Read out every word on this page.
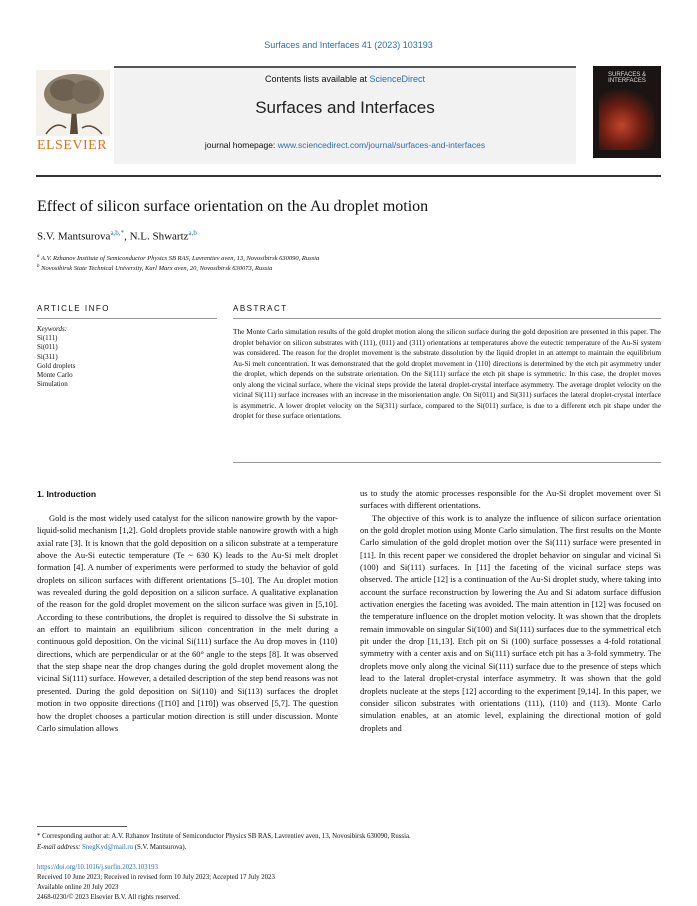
Surfaces and Interfaces 41 (2023) 103193
Contents lists available at ScienceDirect
Surfaces and Interfaces
journal homepage: www.sciencedirect.com/journal/surfaces-and-interfaces
ELSEVIER
SURFACES & INTERFACES
Effect of silicon surface orientation on the Au droplet motion
S.V. Mantsurova$^{a,b,*}$, N.L. Shwartz$^{a,b}$
$^a$ A.V. Rzhanov Institute of Semiconductor Physics SB RAS, Lavrentiev aven, 13, Novosibirsk 630090, Russia
$^b$ Novosibirsk State Technical University, Karl Marx aven, 20, Novosibirsk 630073, Russia
ARTICLE INFO	ABSTRACT
Keywords:
Si(111)
Si(011)
Si(311)
Gold droplets
Monte Carlo
Simulation
The Monte Carlo simulation results of the gold droplet motion along the silicon surface during the gold deposition are presented in this paper. The droplet behavior on silicon substrates with (111), (011) and (311) orientations at temperatures above the eutectic temperature of the Au-Si system was considered. The reason for the droplet movement is the substrate dissolution by the liquid droplet in an attempt to maintain the equilibrium Au-Si melt concentration. It was demonstrated that the gold droplet movement in ⟨110⟩ directions is determined by the etch pit asymmetry under the droplet, which depends on the substrate orientation. On the Si(111) surface the etch pit shape is symmetric. In this case, the droplet moves only along the vicinal surface, where the vicinal steps provide the lateral droplet-crystal interface asymmetry. The average droplet velocity on the vicinal Si(111) surface increases with an increase in the misorientation angle. On Si(011) and Si(311) surfaces the lateral droplet-crystal interface is asymmetric. A lower droplet velocity on the Si(311) surface, compared to the Si(011) surface, is due to a different etch pit shape under the droplet for these surface orientations.
1. Introduction

Gold is the most widely used catalyst for the silicon nanowire growth by the vapor-liquid-solid mechanism [1,2]. Gold droplets provide stable nanowire growth with a high axial rate [3]. It is known that the gold deposition on a silicon substrate at a temperature above the Au-Si eutectic temperature (Te ~ 630 K) leads to the Au-Si melt droplet formation [4]. A number of experiments were performed to study the behavior of gold droplets on silicon surfaces with different orientations [5–10]. The Au droplet motion was revealed during the gold deposition on a silicon surface. A qualitative explanation of the reason for the gold droplet movement on the silicon surface was given in [5,10]. According to these contributions, the droplet is required to dissolve the Si substrate in an effort to maintain an equilibrium silicon concentration in the melt during a continuous gold deposition. On the vicinal Si(111) surface the Au drop moves in ⟨110⟩ directions, which are perpendicular or at the 60° angle to the steps [8]. It was observed that the step shape near the drop changes during the gold droplet movement along the vicinal Si(111) surface. However, a detailed description of the step bend reasons was not presented. During the gold deposition on Si(110) and Si(113) surfaces the droplet motion in two opposite directions ([1̄10] and [11̄0]) was observed [5,7]. The question how the droplet chooses a particular motion direction is still under discussion. Monte Carlo simulation allows

us to study the atomic processes responsible for the Au-Si droplet movement over Si surfaces with different orientations.

The objective of this work is to analyze the influence of silicon surface orientation on the gold droplet motion using Monte Carlo simulation. The first results on the Monte Carlo simulation of the gold droplet motion over the Si(111) surface were presented in [11]. In this recent paper we considered the droplet behavior on singular and vicinal Si (100) and Si(111) surfaces. In [11] the faceting of the vicinal surface steps was observed. The article [12] is a continuation of the Au-Si droplet study, where taking into account the surface reconstruction by lowering the Au and Si adatom surface diffusion activation energies the faceting was avoided. The main attention in [12] was focused on the temperature influence on the droplet motion velocity. It was shown that the droplets remain immovable on singular Si(100) and Si(111) surfaces due to the symmetrical etch pit under the drop [11,13]. Etch pit on Si (100) surface possesses a 4-fold rotational symmetry with a center axis and on Si(111) surface etch pit has a 3-fold symmetry. The droplets move only along the vicinal Si(111) surface due to the presence of steps which lead to the lateral droplet-crystal interface asymmetry. It was shown that the gold droplets nucleate at the steps [12] according to the experiment [9,14]. In this paper, we consider silicon substrates with orientations (111), (110) and (113). Monte Carlo simulation enables, at an atomic level, explaining the directional motion of gold droplets and

* Corresponding author at: A.V. Rzhanov Institute of Semiconductor Physics SB RAS, Lavrentiev aven, 13, Novosibirsk 630090, Russia.
E-mail address: SnegKyd@mail.ru (S.V. Mantsurova).
https://doi.org/10.1016/j.surfin.2023.103193
Received 10 June 2023; Received in revised form 10 July 2023; Accepted 17 July 2023
Available online 20 July 2023
2468-0230/© 2023 Elsevier B.V. All rights reserved.
